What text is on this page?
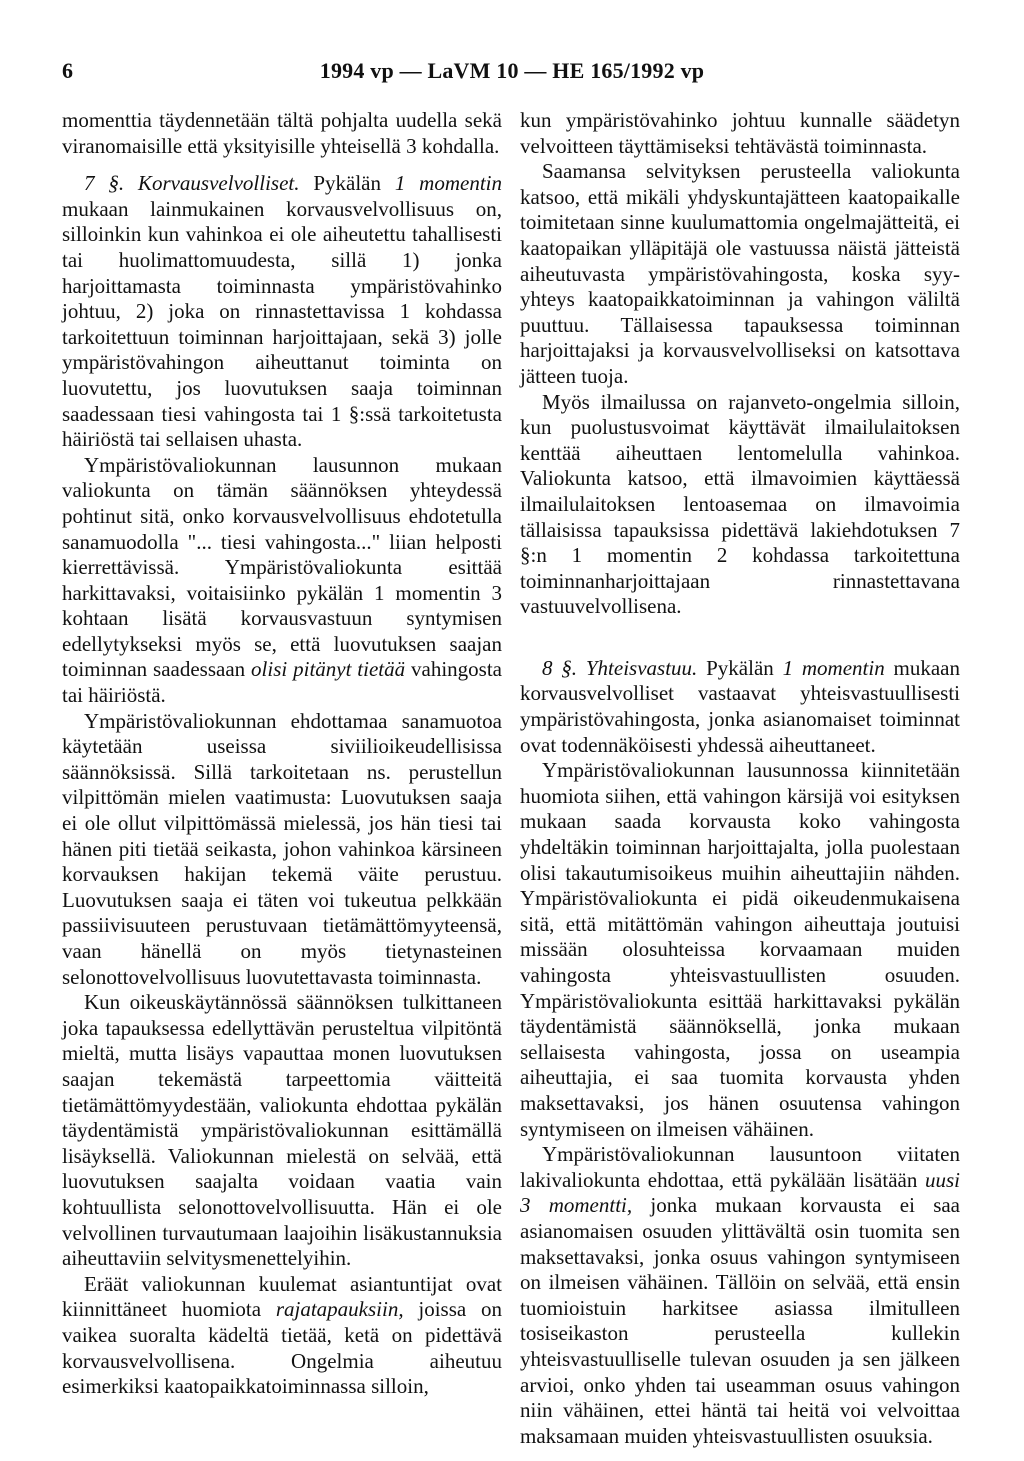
6	1994 vp — LaVM 10 — HE 165/1992 vp

momenttia täydennetään tältä pohjalta uudella sekä viranomaisille että yksityisille yhteisellä 3 kohdalla.

7 §. Korvausvelvolliset. Pykälän 1 momentin mukaan lainmukainen korvausvelvollisuus on, silloinkin kun vahinkoa ei ole aiheutettu tahallisesti tai huolimattomuudesta, sillä 1) jonka harjoittamasta toiminnasta ympäristövahinko johtuu, 2) joka on rinnastettavissa 1 kohdassa tarkoitettuun toiminnan harjoittajaan, sekä 3) jolle ympäristövahingon aiheuttanut toiminta on luovutettu, jos luovutuksen saaja toiminnan saadessaan tiesi vahingosta tai 1 §:ssä tarkoitetusta häiriöstä tai sellaisen uhasta.

Ympäristövaliokunnan lausunnon mukaan valiokunta on tämän säännöksen yhteydessä pohtinut sitä, onko korvausvelvollisuus ehdotetulla sanamuodolla "... tiesi vahingosta..." liian helposti kierrettävissä. Ympäristövaliokunta esittää harkittavaksi, voitaisiinko pykälän 1 momentin 3 kohtaan lisätä korvausvastuun syntymisen edellytykseksi myös se, että luovutuksen saajan toiminnan saadessaan olisi pitänyt tietää vahingosta tai häiriöstä.

Ympäristövaliokunnan ehdottamaa sanamuotoa käytetään useissa siviilioikeudellisissa säännöksissä. Sillä tarkoitetaan ns. perustellun vilpittömän mielen vaatimusta: Luovutuksen saaja ei ole ollut vilpittömässä mielessä, jos hän tiesi tai hänen piti tietää seikasta, johon vahinkoa kärsineen korvauksen hakijan tekemä väite perustuu. Luovutuksen saaja ei täten voi tukeutua pelkkään passiivisuuteen perustuvaan tietämättömyyteensä, vaan hänellä on myös tietynasteinen selonottovelvollisuus luovutettavasta toiminnasta.

Kun oikeuskäytännössä säännöksen tulkittaneen joka tapauksessa edellyttävän perusteltua vilpitöntä mieltä, mutta lisäys vapauttaa monen luovutuksen saajan tekemästä tarpeettomia väitteitä tietämättömyydestään, valiokunta ehdottaa pykälän täydentämistä ympäristövaliokunnan esittämällä lisäyksellä. Valiokunnan mielestä on selvää, että luovutuksen saajalta voidaan vaatia vain kohtuullista selonottovelvollisuutta. Hän ei ole velvollinen turvautumaan laajoihin lisäkustannuksia aiheuttaviin selvitysmenettelyihin.

Eräät valiokunnan kuulemat asiantuntijat ovat kiinnittäneet huomiota rajatapauksiin, joissa on vaikea suoralta kädeltä tietää, ketä on pidettävä korvausvelvollisena. Ongelmia aiheutuu esimerkiksi kaatopaikkatoiminnassa silloin,

kun ympäristövahinko johtuu kunnalle säädetyn velvoitteen täyttämiseksi tehtävästä toiminnasta.

Saamansa selvityksen perusteella valiokunta katsoo, että mikäli yhdyskuntajätteen kaatopaikalle toimitetaan sinne kuulumattomia ongelmajätteitä, ei kaatopaikan ylläpitäjä ole vastuussa näistä jätteistä aiheutuvasta ympäristövahingosta, koska syy-yhteys kaatopaikkatoiminnan ja vahingon väliltä puuttuu. Tällaisessa tapauksessa toiminnan harjoittajaksi ja korvausvelvolliseksi on katsottava jätteen tuoja.

Myös ilmailussa on rajanveto-ongelmia silloin, kun puolustusvoimat käyttävät ilmailulaitoksen kenttää aiheuttaen lentomelulla vahinkoa. Valiokunta katsoo, että ilmavoimien käyttäessä ilmailulaitoksen lentoasemaa on ilmavoimia tällaisissa tapauksissa pidettävä lakiehdotuksen 7 §:n 1 momentin 2 kohdassa tarkoitettuna toiminnanharjoittajaan rinnastettavana vastuuvelvollisena.

8 §. Yhteisvastuu. Pykälän 1 momentin mukaan korvausvelvolliset vastaavat yhteisvastuullisesti ympäristövahingosta, jonka asianomaiset toiminnat ovat todennäköisesti yhdessä aiheuttaneet.

Ympäristövaliokunnan lausunnossa kiinnitetään huomiota siihen, että vahingon kärsijä voi esityksen mukaan saada korvausta koko vahingosta yhdeltäkin toiminnan harjoittajalta, jolla puolestaan olisi takautumisoikeus muihin aiheuttajiin nähden. Ympäristövaliokunta ei pidä oikeudenmukaisena sitä, että mitättömän vahingon aiheuttaja joutuisi missään olosuhteissa korvaamaan muiden vahingosta yhteisvastuullisten osuuden. Ympäristövaliokunta esittää harkittavaksi pykälän täydentämistä säännöksellä, jonka mukaan sellaisesta vahingosta, jossa on useampia aiheuttajia, ei saa tuomita korvausta yhden maksettavaksi, jos hänen osuutensa vahingon syntymiseen on ilmeisen vähäinen.

Ympäristövaliokunnan lausuntoon viitaten lakivaliokunta ehdottaa, että pykälään lisätään uusi 3 momentti, jonka mukaan korvausta ei saa asianomaisen osuuden ylittävältä osin tuomita sen maksettavaksi, jonka osuus vahingon syntymiseen on ilmeisen vähäinen. Tällöin on selvää, että ensin tuomioistuin harkitsee asiassa ilmitulleen tosiseikaston perusteella kullekin yhteisvastuulliselle tulevan osuuden ja sen jälkeen arvioi, onko yhden tai useamman osuus vahingon niin vähäinen, ettei häntä tai heitä voi velvoittaa maksamaan muiden yhteisvastuullisten osuuksia.
